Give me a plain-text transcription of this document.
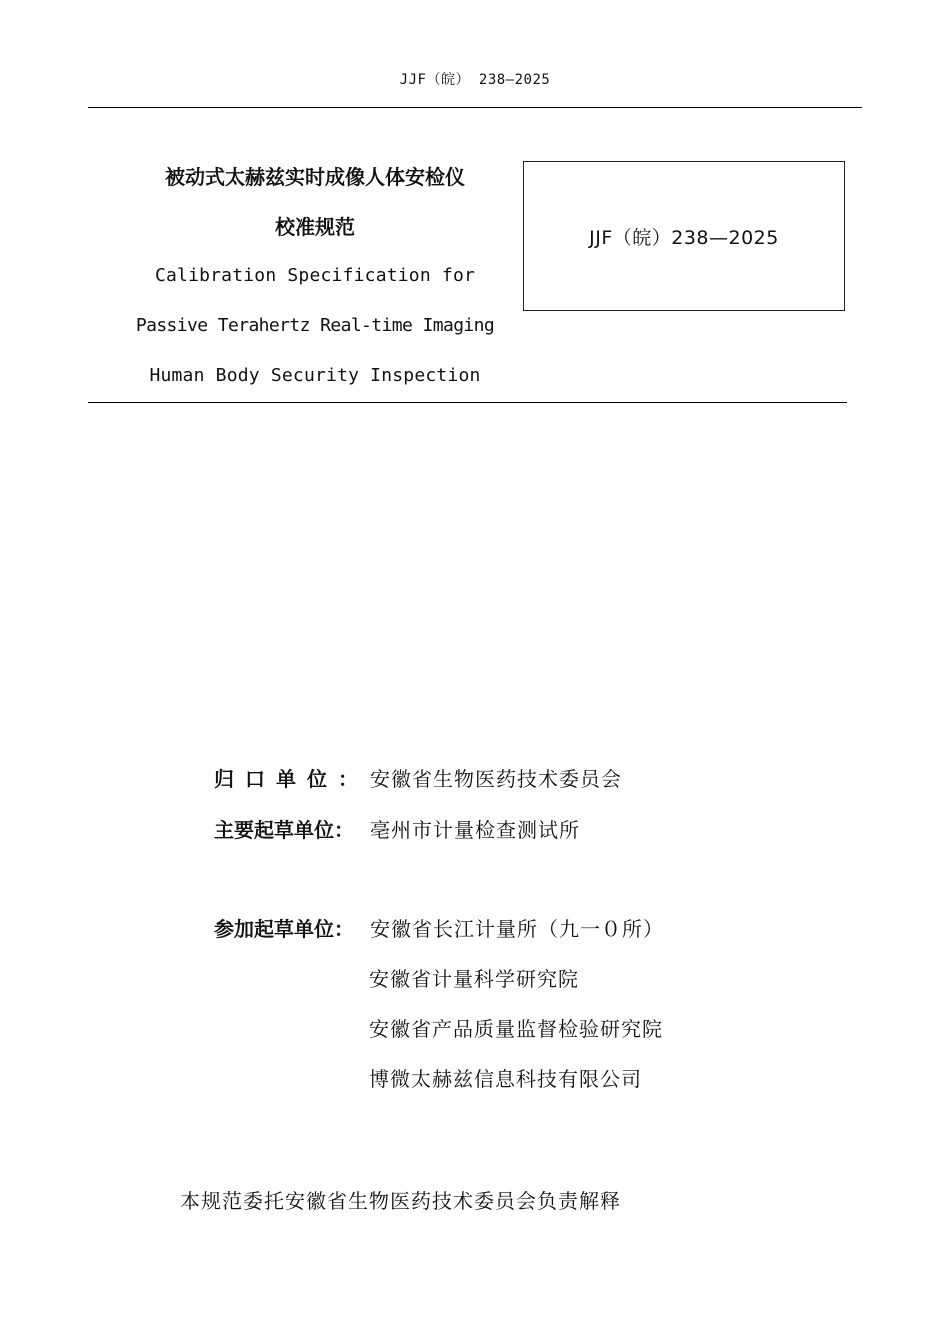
JJF（皖） 238—2025
被动式太赫兹实时成像人体安检仪
校准规范
Calibration Specification for
Passive Terahertz Real-time Imaging
Human Body Security Inspection
JJF（皖）238—2025
归口单位：安徽省生物医药技术委员会
主要起草单位： 亳州市计量检查测试所
参加起草单位： 安徽省长江计量所（九一０所）
安徽省计量科学研究院
安徽省产品质量监督检验研究院
博微太赫兹信息科技有限公司
本规范委托安徽省生物医药技术委员会负责解释
